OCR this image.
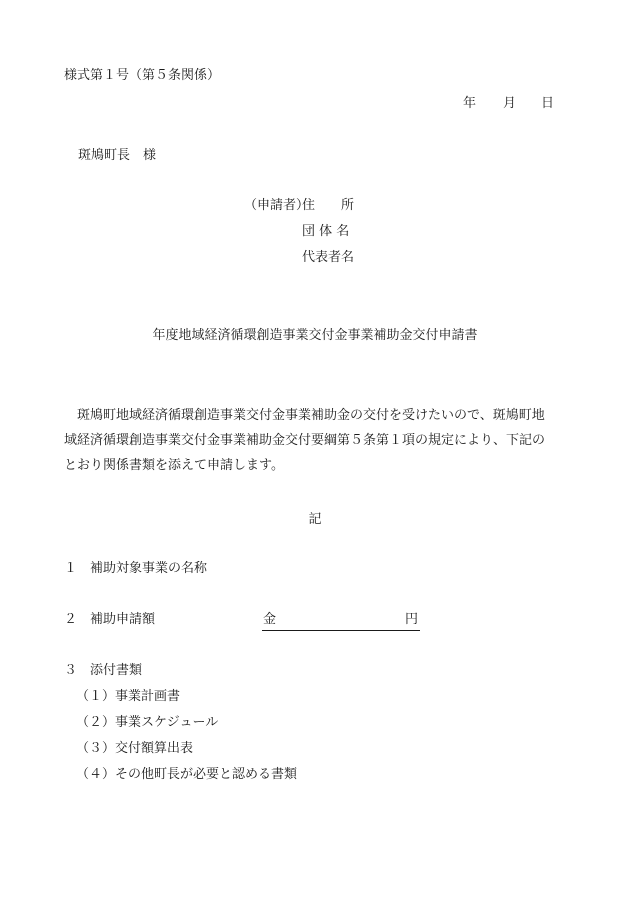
様式第１号（第５条関係）
年 月 日
斑鳩町長　様
（申請者）
住　　所
団 体 名
代表者名
年度地域経済循環創造事業交付金事業補助金交付申請書
　斑鳩町地域経済循環創造事業交付金事業補助金の交付を受けたいので、斑鳩町地域経済循環創造事業交付金事業補助金交付要綱第５条第１項の規定により、下記のとおり関係書類を添えて申請します。
記
１　補助対象事業の名称
２　補助申請額	金	円
３　添付書類
（１）事業計画書
（２）事業スケジュール
（３）交付額算出表
（４）その他町長が必要と認める書類
